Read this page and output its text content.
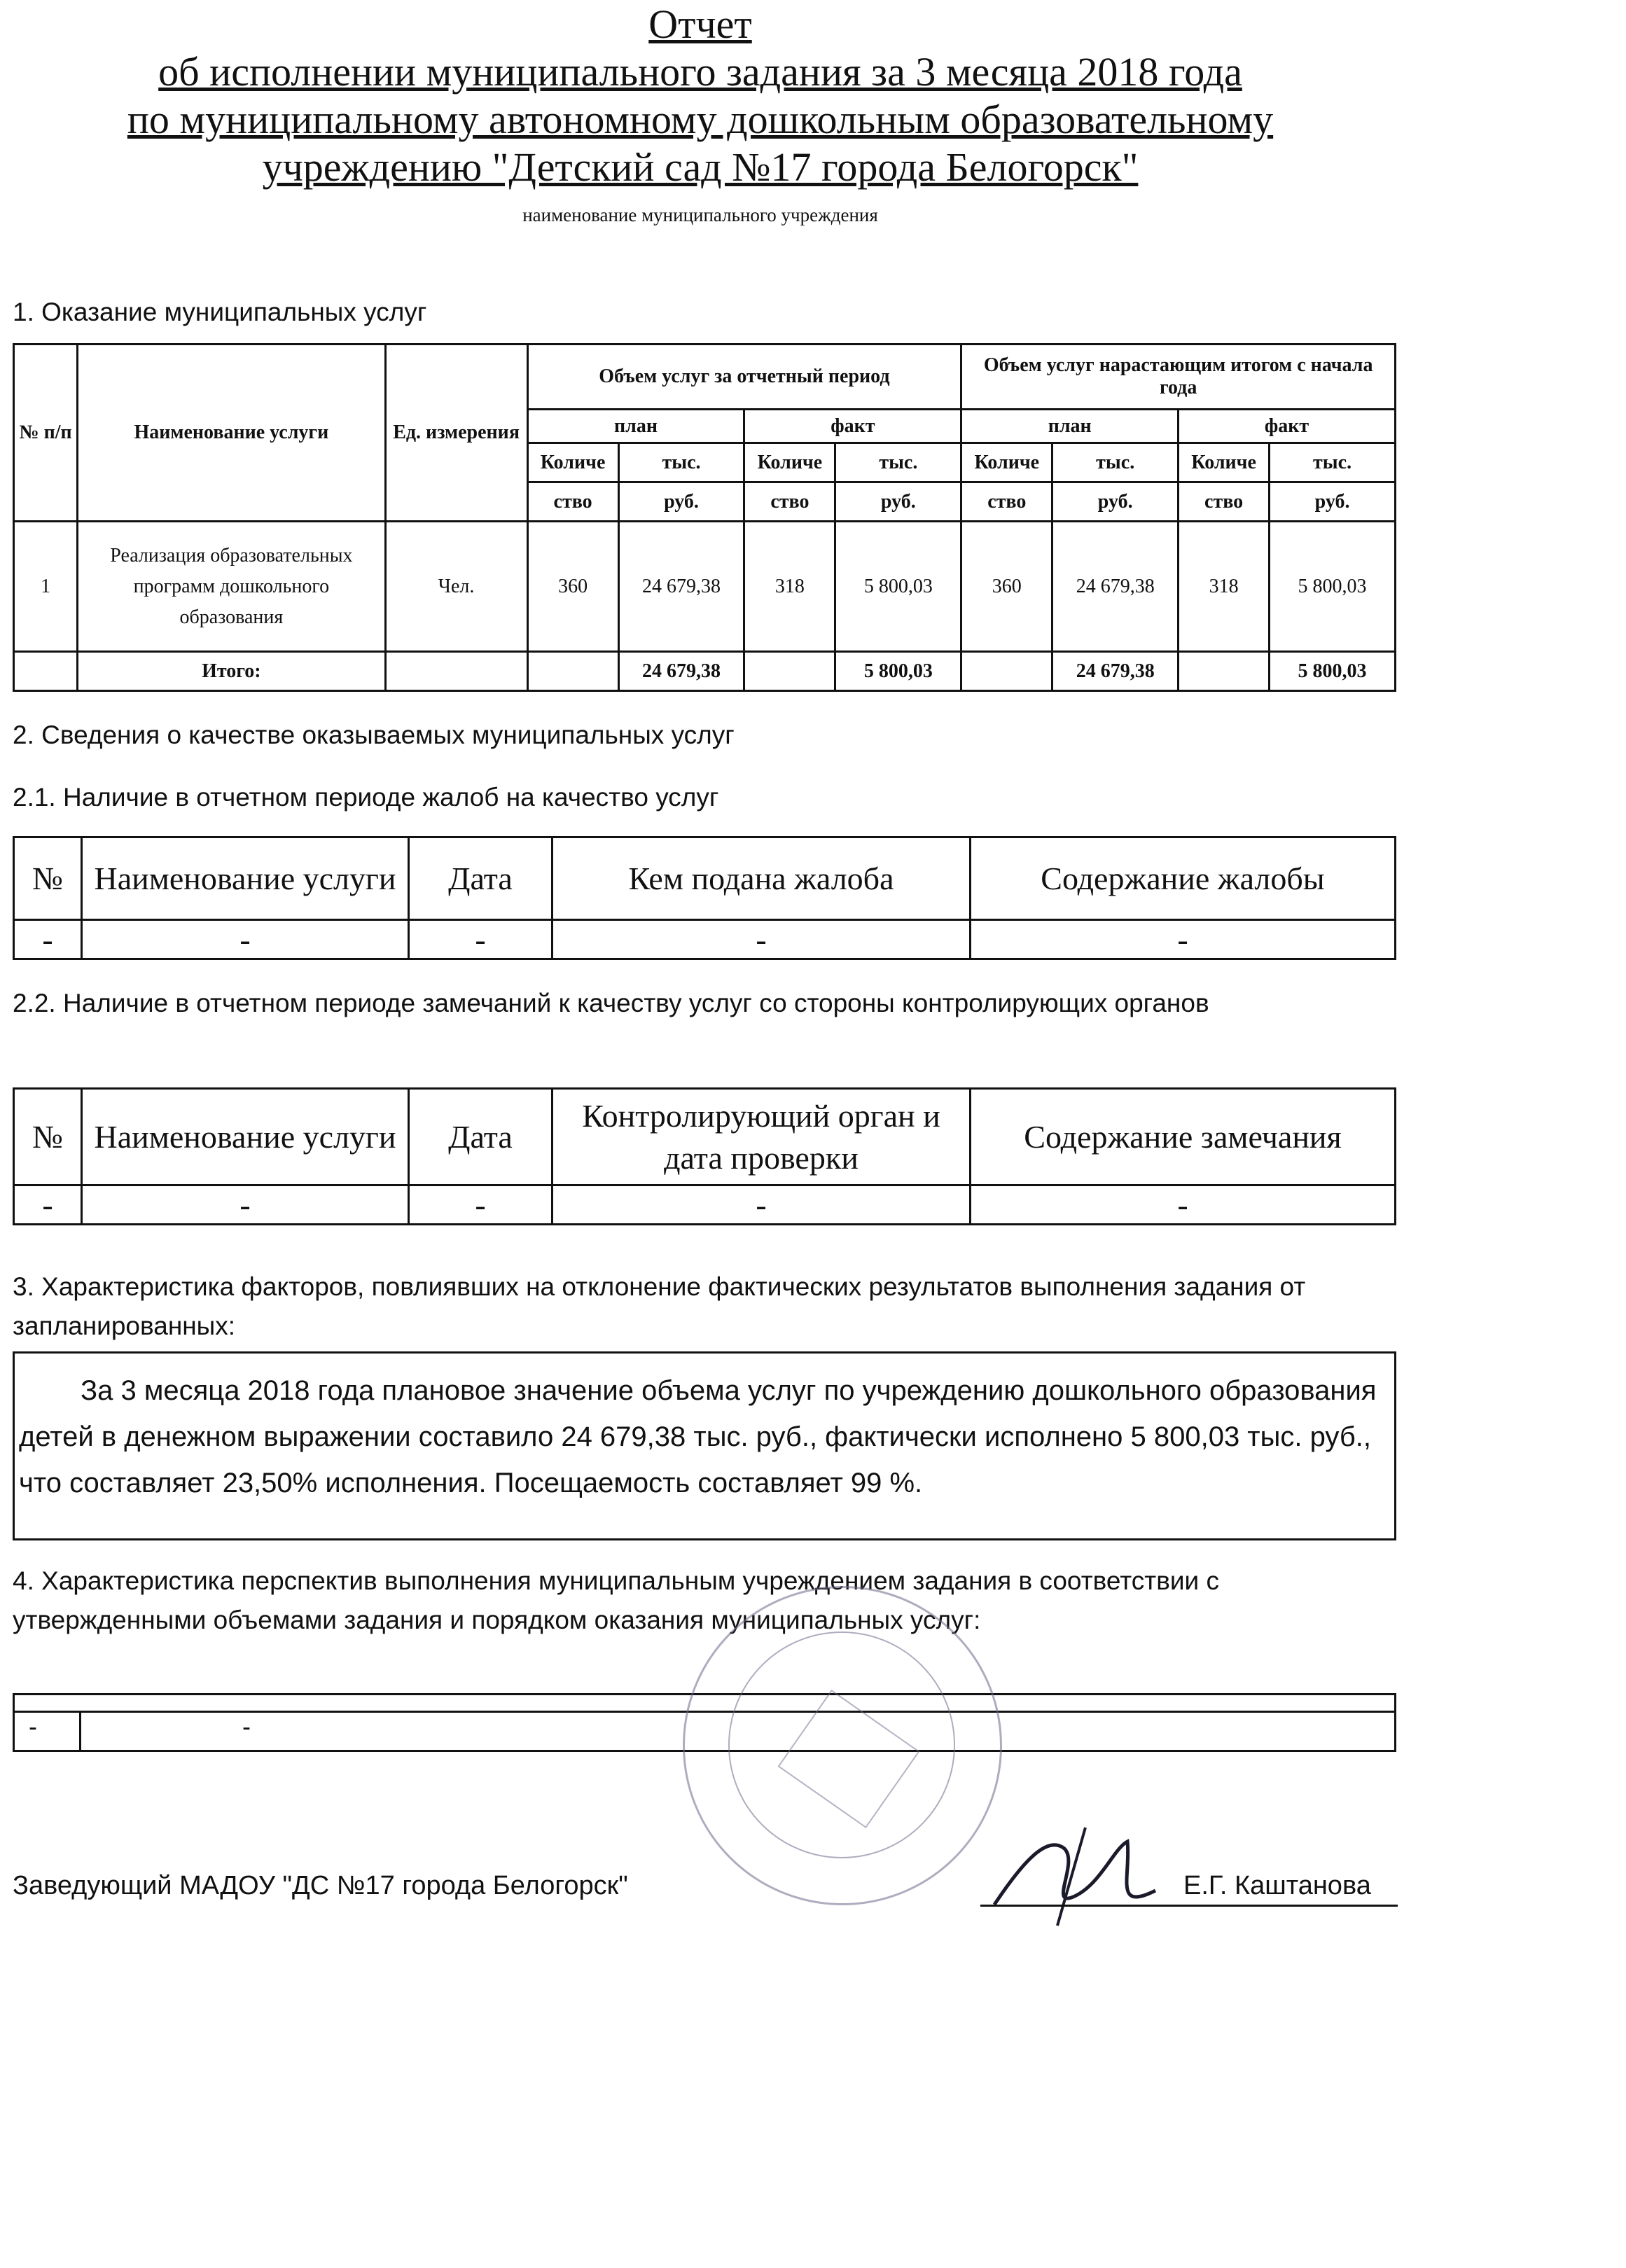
Отчет
об исполнении муниципального задания за 3 месяца 2018 года
по муниципальному автономному дошкольным образовательному
учреждению "Детский сад №17 города Белогорск"
наименование муниципального учреждения
1. Оказание муниципальных услуг
№ п/п	Наименование услуги	Ед. измерения	Объем услуг за отчетный период				Объем услуг нарастающим итогом с начала года			
			план		факт		план		факт	
			Количе	тыс.	Количе	тыс.	Количе	тыс.	Количе	тыс.
			ство	руб.	ство	руб.	ство	руб.	ство	руб.
1	Реализация образовательных программ дошкольного образования	Чел.	360	24 679,38	318	5 800,03	360	24 679,38	318	5 800,03
	Итого:			24 679,38		5 800,03		24 679,38		5 800,03
2. Сведения о качестве оказываемых муниципальных услуг
2.1. Наличие в отчетном периоде жалоб на качество услуг
№	Наименование услуги	Дата	Кем подана жалоба	Содержание жалобы
-	-	-	-	-
2.2. Наличие в отчетном периоде замечаний к качеству услуг со стороны контролирующих органов
№	Наименование услуги	Дата	Контролирующий орган и дата проверки	Содержание замечания
-	-	-	-	-
3. Характеристика факторов, повлиявших на отклонение фактических результатов выполнения задания от запланированных:
За 3 месяца 2018 года плановое значение объема услуг по учреждению дошкольного образования детей в денежном выражении составило 24 679,38 тыс. руб., фактически исполнено 5 800,03 тыс. руб., что составляет 23,50% исполнения. Посещаемость составляет 99 %.
4. Характеристика перспектив выполнения муниципальным учреждением задания в соответствии с утвержденными объемами задания и порядком оказания муниципальных услуг:
-	-
Заведующий МАДОУ "ДС №17 города Белогорск"	Е.Г. Каштанова
